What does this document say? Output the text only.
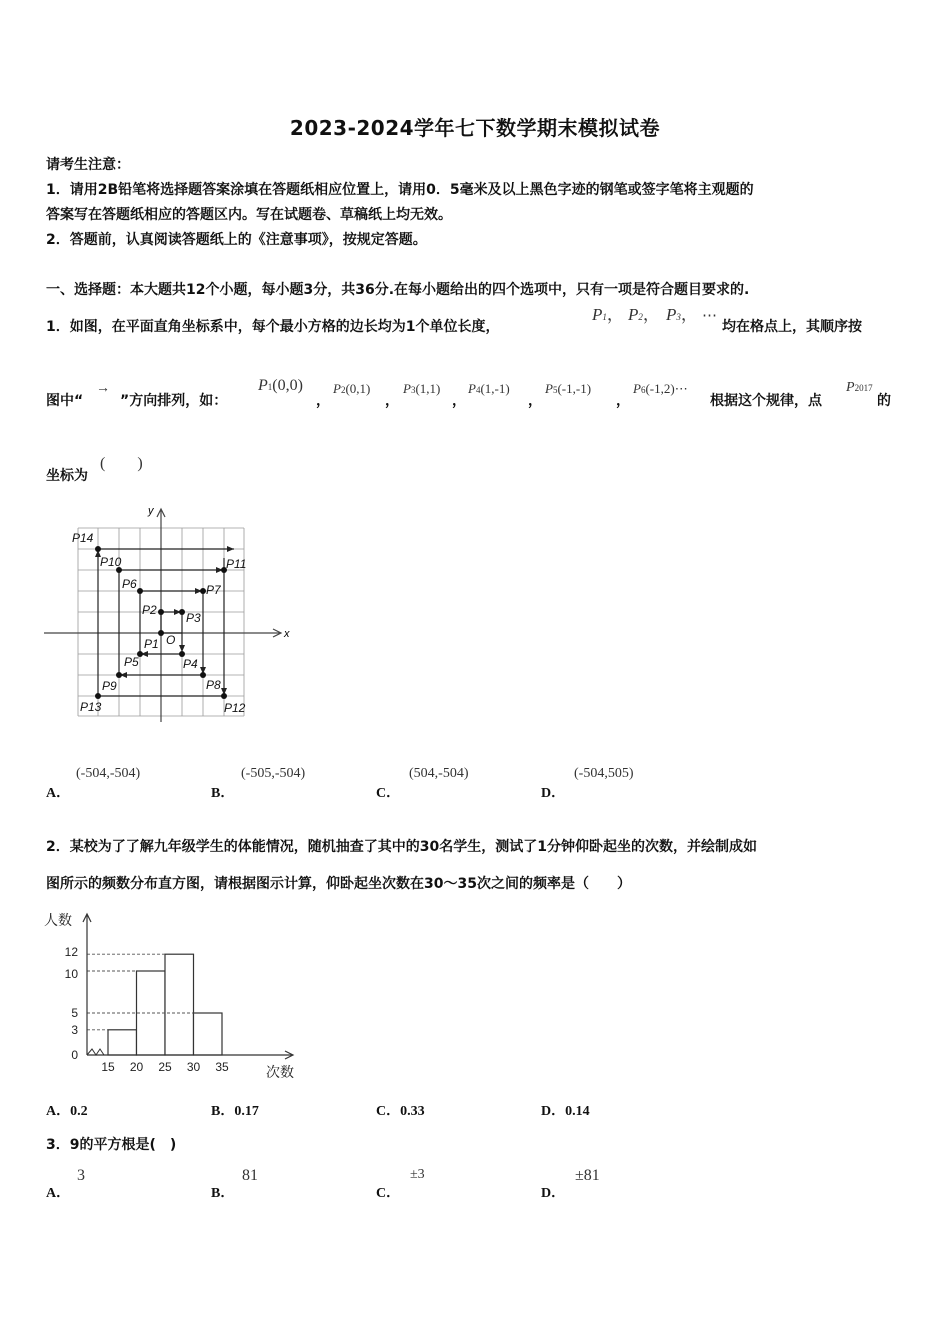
2023-2024学年七下数学期末模拟试卷
请考生注意：
1．请用2B铅笔将选择题答案涂填在答题纸相应位置上，请用0．5毫米及以上黑色字迹的钢笔或签字笔将主观题的
答案写在答题纸相应的答题区内。写在试题卷、草稿纸上均无效。
2．答题前，认真阅读答题纸上的《注意事项》，按规定答题。
一、选择题：本大题共12个小题，每小题3分，共36分.在每小题给出的四个选项中，只有一项是符合题目要求的.
1．如图，在平面直角坐标系中，每个最小方格的边长均为1个单位长度，
P1， P2， P3， ⋯
均在格点上，其顺序按
图中“
→
”方向排列，如：
P1(0,0)
，
P2(0,1)
，
P3(1,1)
，
P4(1,-1)
，
P5(-1,-1)
，
P6(-1,2)⋯
根据这个规律，点
P2017
的
坐标为
(　　)
x
y
O
P1
P2
P3
P4
P5
P6	P7
P8
P9
P10	P11
P12
P13
P14
A．
(-504,-504)
B．
(-505,-504)
C．
(504,-504)
D．
(-504,505)
2．某校为了了解九年级学生的体能情况，随机抽查了其中的30名学生，测试了1分钟仰卧起坐的次数，并绘制成如
图所示的频数分布直方图，请根据图示计算，仰卧起坐次数在30～35次之间的频率是（　　）
0
3
5
10
12
15 20 25 30 35
人数
次数
A．0.2	B．0.17	C．0.33	D．0.14
3．9的平方根是(　)
A．
3
B．
81
C．
±3
D．
±81
